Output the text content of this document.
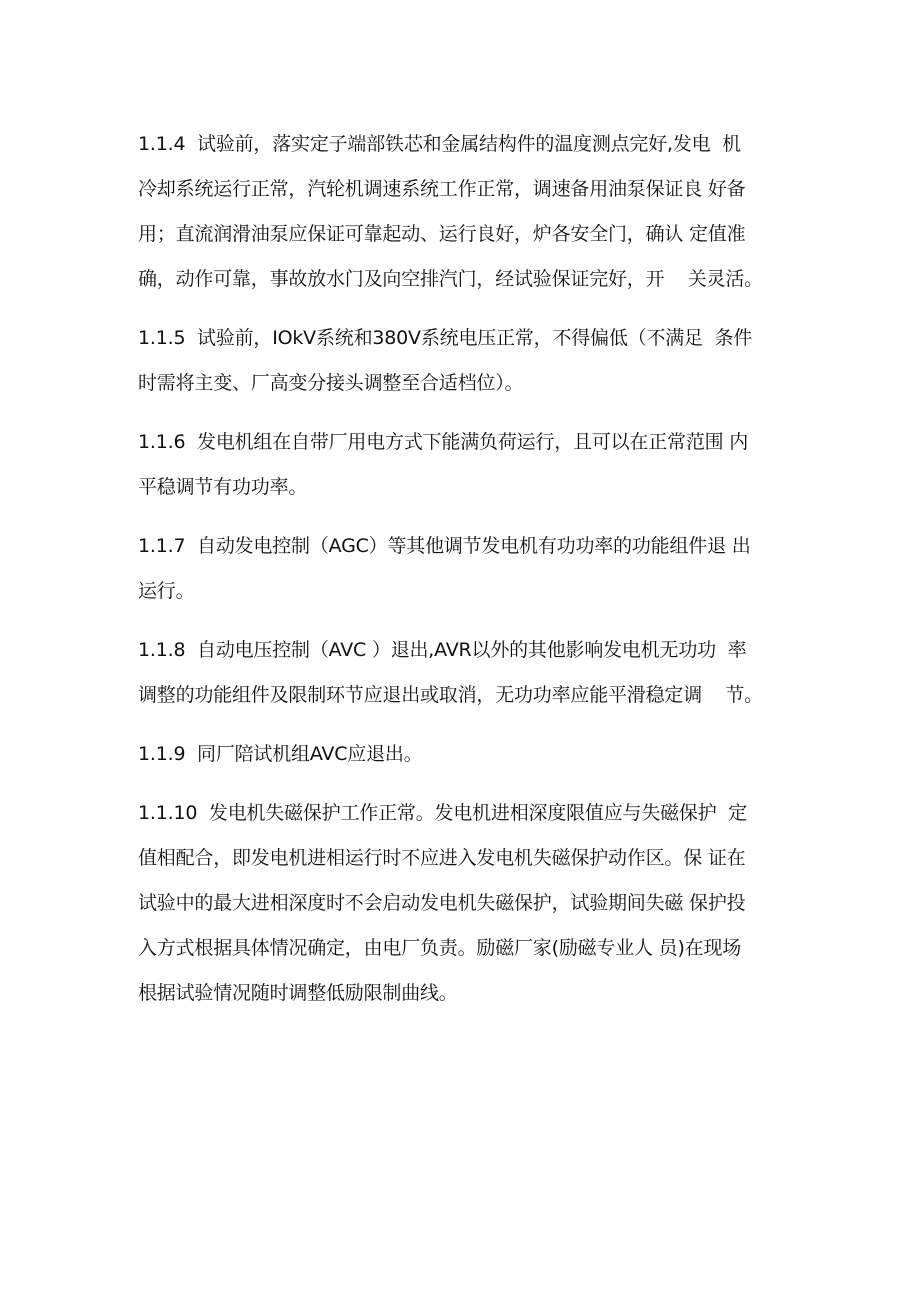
1.1.4  试验前，落实定子端部铁芯和金属结构件的温度测点完好,发电  机
冷却系统运行正常，汽轮机调速系统工作正常，调速备用油泵保证良 好备
用；直流润滑油泵应保证可靠起动、运行良好，炉各安全门，确认 定值准
确，动作可靠，事故放水门及向空排汽门，经试验保证完好，开    关灵活。
1.1.5  试验前，IOkV系统和380V系统电压正常，不得偏低（不满足  条件
时需将主变、厂高变分接头调整至合适档位）。
1.1.6  发电机组在自带厂用电方式下能满负荷运行，且可以在正常范围 内
平稳调节有功功率。
1.1.7  自动发电控制（AGC）等其他调节发电机有功功率的功能组件退 出
运行。
1.1.8  自动电压控制（AVC ）退出,AVR以外的其他影响发电机无功功  率
调整的功能组件及限制环节应退出或取消，无功功率应能平滑稳定调    节。
1.1.9  同厂陪试机组AVC应退出。
1.1.10  发电机失磁保护工作正常。发电机进相深度限值应与失磁保护  定
值相配合，即发电机进相运行时不应进入发电机失磁保护动作区。保 证在
试验中的最大进相深度时不会启动发电机失磁保护，试验期间失磁 保护投
入方式根据具体情况确定，由电厂负责。励磁厂家(励磁专业人 员)在现场
根据试验情况随时调整低励限制曲线。
